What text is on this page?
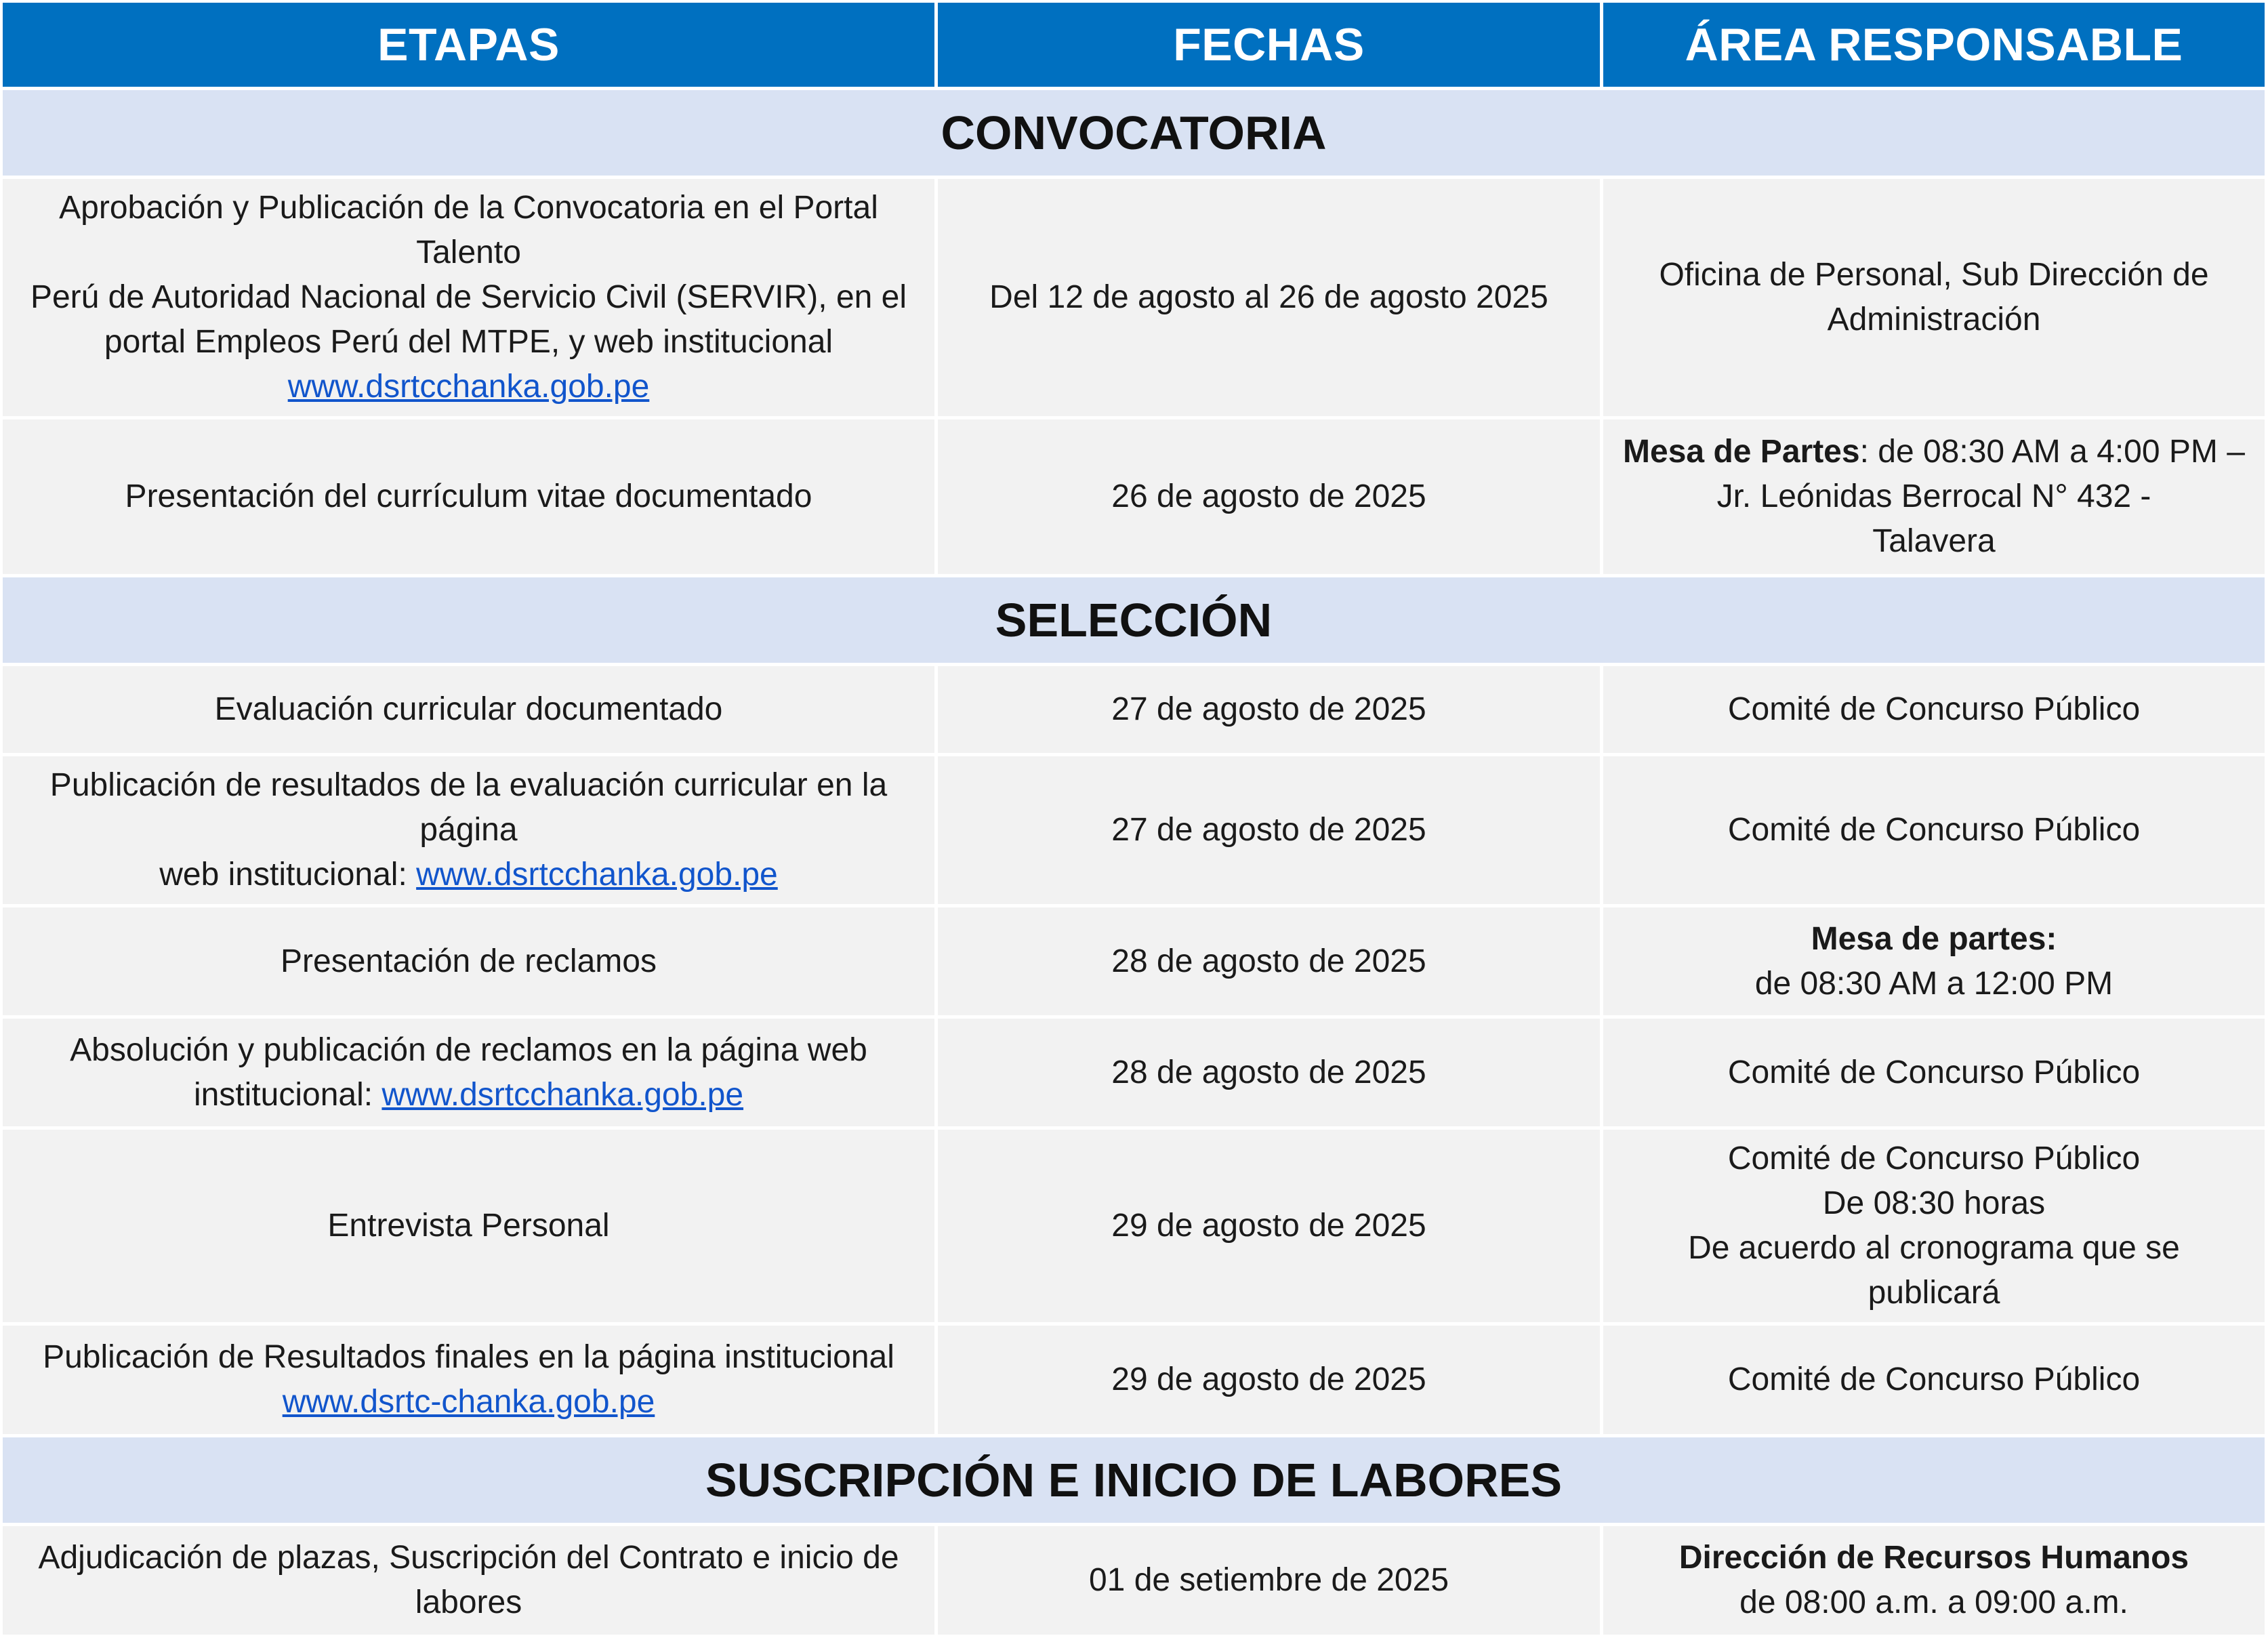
ETAPAS	FECHAS	ÁREA RESPONSABLE
CONVOCATORIA		

Aprobación y Publicación de la Convocatoria en el Portal Talento
Perú de Autoridad Nacional de Servicio Civil (SERVIR), en el
portal Empleos Perú del MTPE, y web institucional
www.dsrtcchanka.gob.pe	Del 12 de agosto al 26 de agosto 2025	Oficina de Personal, Sub Dirección de
Administración

Presentación del currículum vitae documentado	26 de agosto de 2025	Mesa de Partes: de 08:30 AM a 4:00 PM –
Jr. Leónidas Berrocal N° 432 -
Talavera

SELECCIÓN		
Evaluación curricular documentado	27 de agosto de 2025	Comité de Concurso Público

Publicación de resultados de la evaluación curricular en la página
web institucional: www.dsrtcchanka.gob.pe	27 de agosto de 2025	Comité de Concurso Público
Presentación de reclamos	28 de agosto de 2025	Mesa de partes:
de 08:30 AM a 12:00 PM

Absolución y publicación de reclamos en la página web
institucional: www.dsrtcchanka.gob.pe	28 de agosto de 2025	Comité de Concurso Público
Entrevista Personal	29 de agosto de 2025	Comité de Concurso Público
De 08:30 horas
De acuerdo al cronograma que se publicará

Publicación de Resultados finales en la página institucional
www.dsrtc-chanka.gob.pe	29 de agosto de 2025	Comité de Concurso Público
SUSCRIPCIÓN E INICIO DE LABORES		

Adjudicación de plazas, Suscripción del Contrato e inicio de
labores	01 de setiembre de 2025	Dirección de Recursos Humanos
de 08:00 a.m. a 09:00 a.m.
